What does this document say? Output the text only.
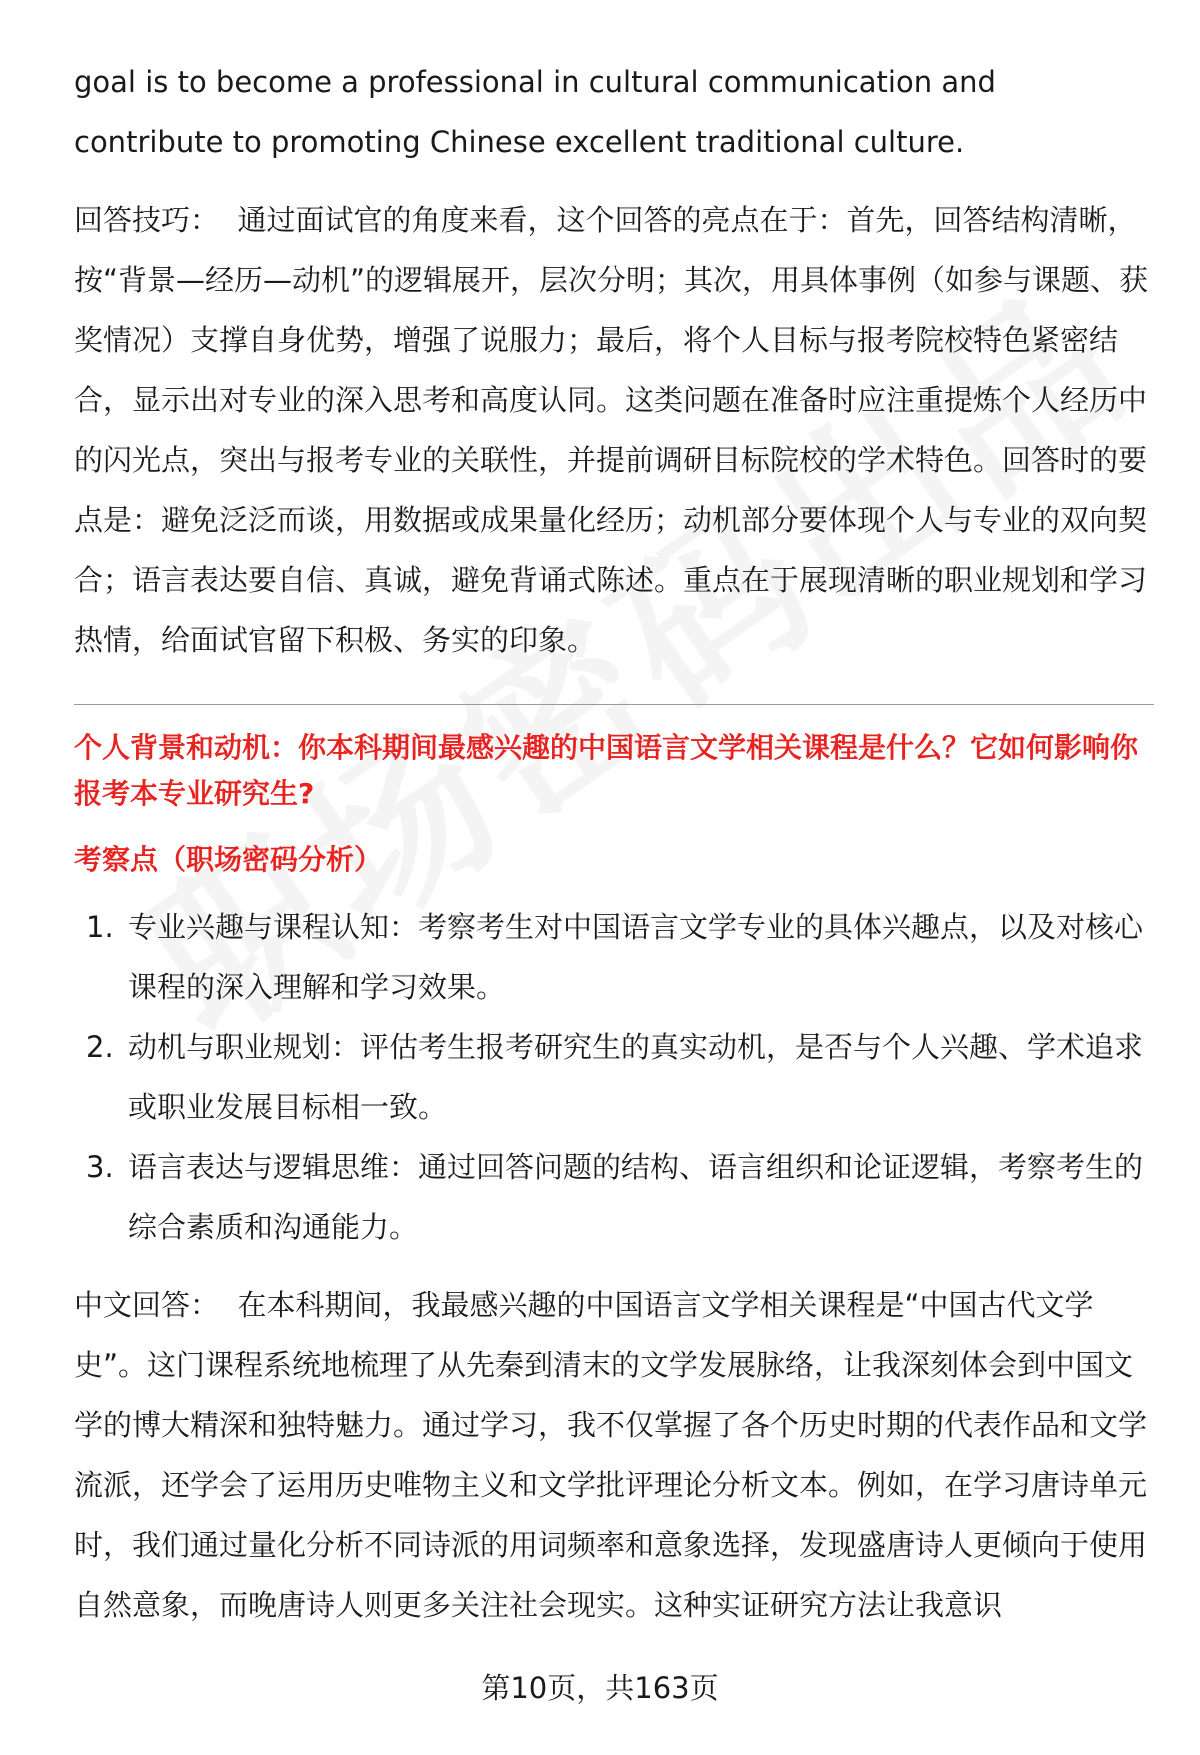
goal is to become a professional in cultural communication and contribute to promoting Chinese excellent traditional culture.

回答技巧： 通过面试官的角度来看，这个回答的亮点在于：首先，回答结构清晰，按“背景—经历—动机”的逻辑展开，层次分明；其次，用具体事例（如参与课题、获奖情况）支撑自身优势，增强了说服力；最后，将个人目标与报考院校特色紧密结合，显示出对专业的深入思考和高度认同。这类问题在准备时应注重提炼个人经历中的闪光点，突出与报考专业的关联性，并提前调研目标院校的学术特色。回答时的要点是：避免泛泛而谈，用数据或成果量化经历；动机部分要体现个人与专业的双向契合；语言表达要自信、真诚，避免背诵式陈述。重点在于展现清晰的职业规划和学习热情，给面试官留下积极、务实的印象。

个人背景和动机：你本科期间最感兴趣的中国语言文学相关课程是什么？它如何影响你报考本专业研究生?

考察点（职场密码分析）

1. 专业兴趣与课程认知：考察考生对中国语言文学专业的具体兴趣点，以及对核心课程的深入理解和学习效果。
2. 动机与职业规划：评估考生报考研究生的真实动机，是否与个人兴趣、学术追求或职业发展目标相一致。
3. 语言表达与逻辑思维：通过回答问题的结构、语言组织和论证逻辑，考察考生的综合素质和沟通能力。

中文回答： 在本科期间，我最感兴趣的中国语言文学相关课程是“中国古代文学史”。这门课程系统地梳理了从先秦到清末的文学发展脉络，让我深刻体会到中国文学的博大精深和独特魅力。通过学习，我不仅掌握了各个历史时期的代表作品和文学流派，还学会了运用历史唯物主义和文学批评理论分析文本。例如，在学习唐诗单元时，我们通过量化分析不同诗派的用词频率和意象选择，发现盛唐诗人更倾向于使用自然意象，而晚唐诗人则更多关注社会现实。这种实证研究方法让我意识

第10页，共163页
